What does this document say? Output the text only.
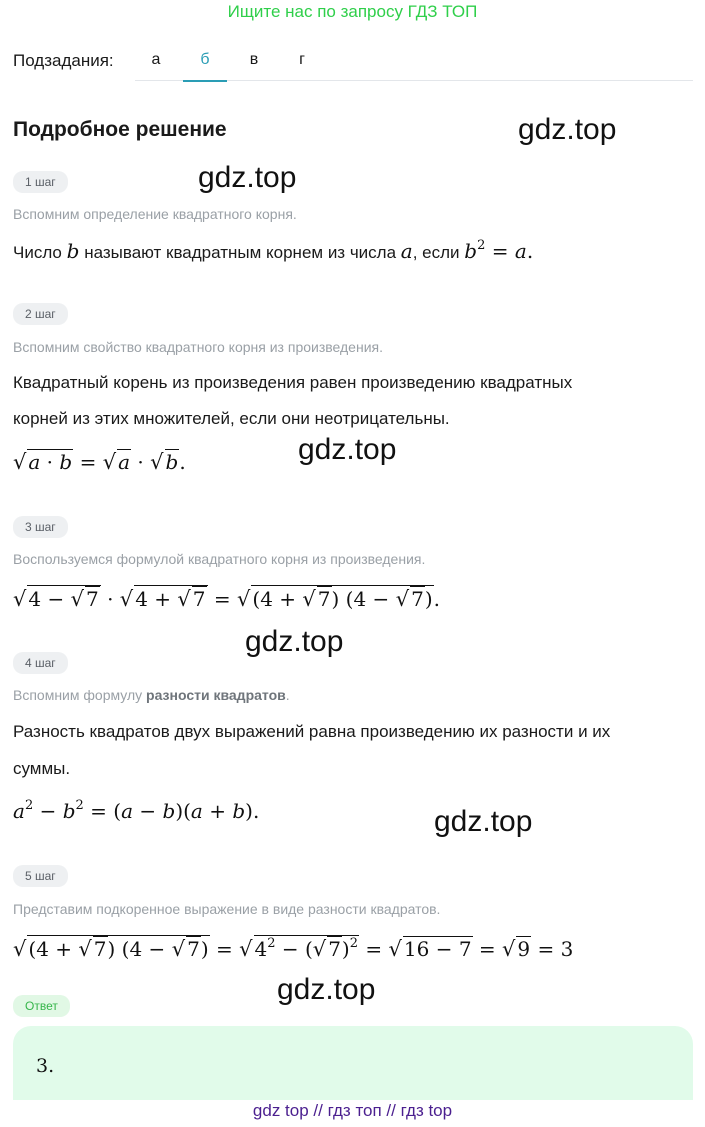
Ищите нас по запросу ГДЗ ТОП
Подзадания:	а	б	в	г
Подробное решение	gdz.top
gdz.top
gdz.top
gdz.top
gdz.top
gdz.top
1 шаг
Вспомним определение квадратного корня.
Число b называют квадратным корнем из числа a, если $b^2 = a$.
2 шаг
Вспомним свойство квадратного корня из произведения.
Квадратный корень из произведения равен произведению квадратных
корней из этих множителей, если они неотрицательны.
√ a · b = √ a · √ b.
3 шаг
Воспользуемся формулой квадратного корня из произведения.
√ 4 − √ 7 · √ 4 + √ 7 = √ (4 + √ 7) (4 − √ 7).
4 шаг
Вспомним формулу разности квадратов.
Разность квадратов двух выражений равна произведению их разности и их
суммы.
$a^2 - b^2 = (a - b)(a + b)$.
5 шаг
Представим подкоренное выражение в виде разности квадратов.
√ (4 + √ 7) (4 − √ 7) = √ $4^2$ − (√ 7)$^2$ = √ 16 − 7 = √ 9 = 3
Ответ
3.
gdz top // гдз топ // гдз top
